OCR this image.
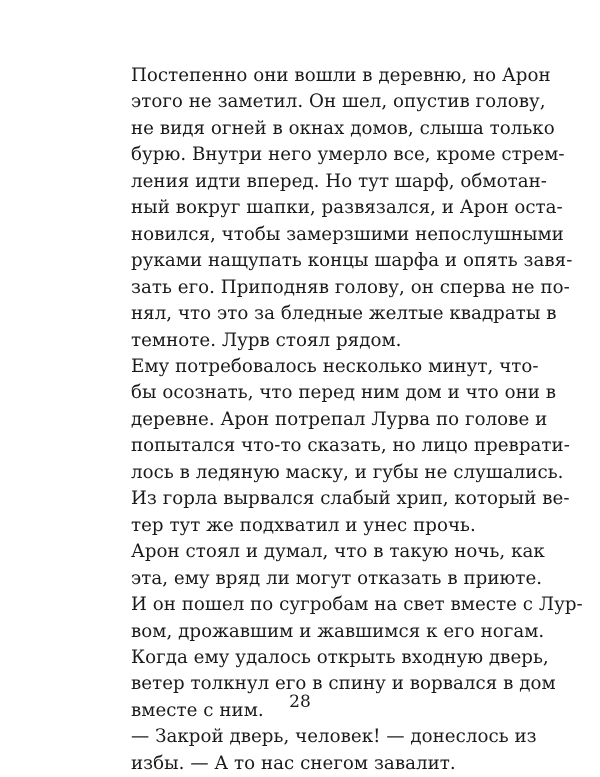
Постепенно они вошли в деревню, но Арон
этого не заметил. Он шел, опустив голову,
не видя огней в окнах домов, слыша только
бурю. Внутри него умерло все, кроме стрем-
ления идти вперед. Но тут шарф, обмотан-
ный вокруг шапки, развязался, и Арон оста-
новился, чтобы замерзшими непослушными
руками нащупать концы шарфа и опять завя-
зать его. Приподняв голову, он сперва не по-
нял, что это за бледные желтые квадраты в
темноте. Лурв стоял рядом.

Ему потребовалось несколько минут, что-
бы осознать, что перед ним дом и что они в
деревне. Арон потрепал Лурва по голове и
попытался что-то сказать, но лицо преврати-
лось в ледяную маску, и губы не слушались.
Из горла вырвался слабый хрип, который ве-
тер тут же подхватил и унес прочь.

Арон стоял и думал, что в такую ночь, как
эта, ему вряд ли могут отказать в приюте.
И он пошел по сугробам на свет вместе с Лур-
вом, дрожавшим и жавшимся к его ногам.

Когда ему удалось открыть входную дверь,
ветер толкнул его в спину и ворвался в дом
вместе с ним.

— Закрой дверь, человек! — донеслось из
избы. — А то нас снегом завалит.

28
